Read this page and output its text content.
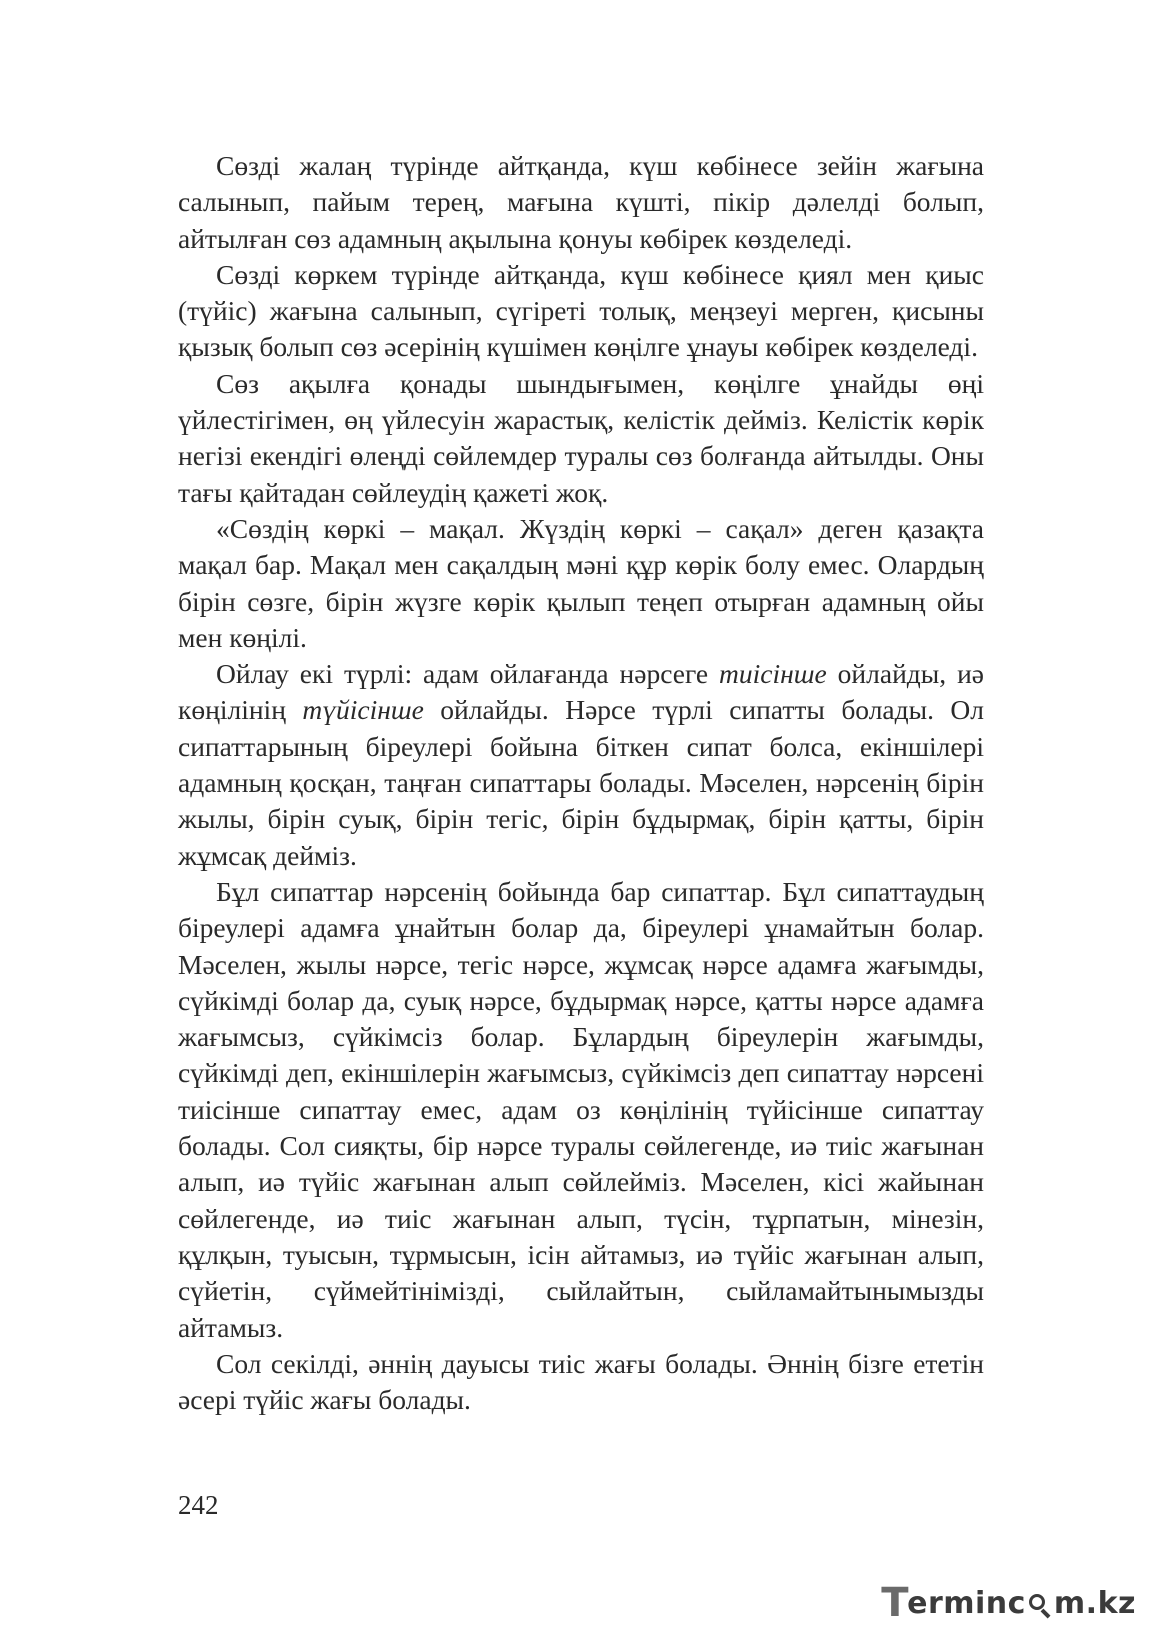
Сөзді жалаң түрінде айтқанда, күш көбінесе зейін жағына салынып, пайым терең, мағына күшті, пікір дәлелді болып, айтылған сөз адамның ақылына қонуы көбірек көзделеді.

Сөзді көркем түрінде айтқанда, күш көбінесе қиял мен қиыс (түйіс) жағына салынып, сүгіреті толық, меңзеуі мерген, қисыны қызық болып сөз әсерінің күшімен көңілге ұнауы көбірек көзделеді.

Сөз ақылға қонады шындығымен, көңілге ұнайды өңі үйлестігімен, өң үйлесуін жарастық, келістік дейміз. Келістік көрік негізі екендігі өлеңді сөйлемдер туралы сөз болғанда айтылды. Оны тағы қайтадан сөйлеудің қажеті жоқ.

«Сөздің көркі – мақал. Жүздің көркі – сақал» деген қазақта мақал бар. Мақал мен сақалдың мәні құр көрік болу емес. Олардың бірін сөзге, бірін жүзге көрік қылып теңеп отырған адамның ойы мен көңілі.

Ойлау екі түрлі: адам ойлағанда нәрсеге тиісінше ойлайды, иә көңілінің түйісінше ойлайды. Нәрсе түрлі сипатты болады. Ол сипаттарының біреулері бойына біткен сипат болса, екіншілері адамның қосқан, таңған сипаттары болады. Мәселен, нәрсенің бірін жылы, бірін суық, бірін тегіс, бірін бұдырмақ, бірін қатты, бірін жұмсақ дейміз.

Бұл сипаттар нәрсенің бойында бар сипаттар. Бұл сипаттаудың біреулері адамға ұнайтын болар да, біреулері ұнамайтын болар. Мәселен, жылы нәрсе, тегіс нәрсе, жұмсақ нәрсе адамға жағымды, сүйкімді болар да, суық нәрсе, бұдырмақ нәрсе, қатты нәрсе адамға жағымсыз, сүйкімсіз болар. Бұлардың біреулерін жағымды, сүйкімді деп, екіншілерін жағымсыз, сүйкімсіз деп сипаттау нәрсені тиісінше сипаттау емес, адам оз көңілінің түйісінше сипаттау болады. Сол сияқты, бір нәрсе туралы сөйлегенде, иә тиіс жағынан алып, иә түйіс жағынан алып сөйлейміз. Мәселен, кісі жайынан сөйлегенде, иә тиіс жағынан алып, түсін, тұрпатын, мінезін, құлқын, туысын, тұрмысын, ісін айтамыз, иә түйіс жағынан алып, сүйетін, сүймейтінімізді, сыйлайтын, сыйламайтынымызды айтамыз.

Сол секілді, әннің дауысы тиіс жағы болады. Әннің бізге ететін әсері түйіс жағы болады.

242
T
erminc m.kz
